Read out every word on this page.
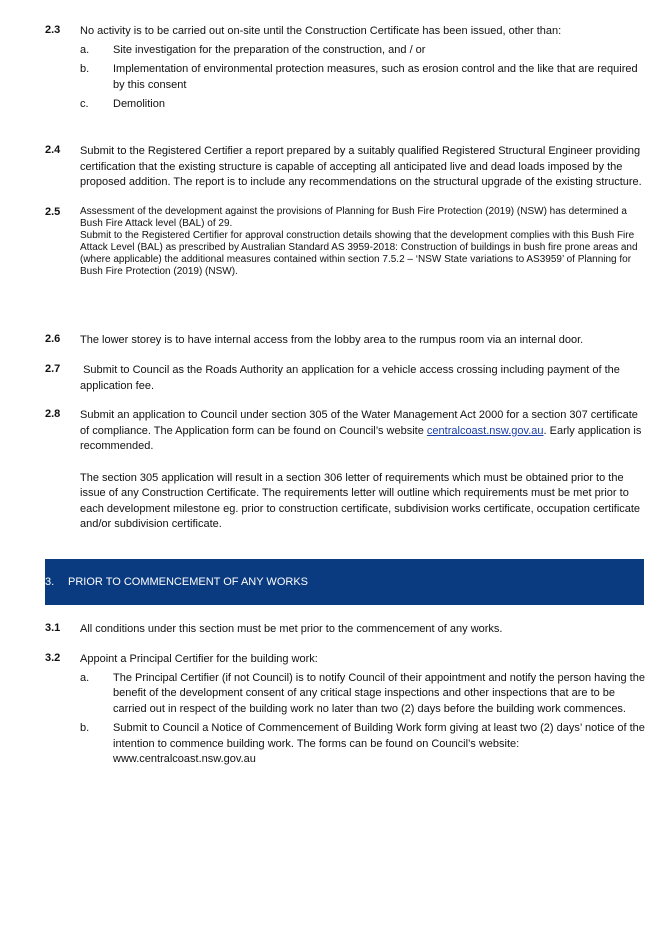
2.3 No activity is to be carried out on-site until the Construction Certificate has been issued, other than:
a. Site investigation for the preparation of the construction, and / or
b. Implementation of environmental protection measures, such as erosion control and the like that are required by this consent
c. Demolition
2.4 Submit to the Registered Certifier a report prepared by a suitably qualified Registered Structural Engineer providing certification that the existing structure is capable of accepting all anticipated live and dead loads imposed by the proposed addition. The report is to include any recommendations on the structural upgrade of the existing structure.
2.5 Assessment of the development against the provisions of Planning for Bush Fire Protection (2019) (NSW) has determined a Bush Fire Attack level (BAL) of 29.
Submit to the Registered Certifier for approval construction details showing that the development complies with this Bush Fire Attack Level (BAL) as prescribed by Australian Standard AS 3959-2018: Construction of buildings in bush fire prone areas and (where applicable) the additional measures contained within section 7.5.2 – ‘NSW State variations to AS3959’ of Planning for Bush Fire Protection (2019) (NSW).
2.6 The lower storey is to have internal access from the lobby area to the rumpus room via an internal door.
2.7 Submit to Council as the Roads Authority an application for a vehicle access crossing including payment of the application fee.
2.8 Submit an application to Council under section 305 of the Water Management Act 2000 for a section 307 certificate of compliance. The Application form can be found on Council’s website centralcoast.nsw.gov.au. Early application is recommended.
The section 305 application will result in a section 306 letter of requirements which must be obtained prior to the issue of any Construction Certificate. The requirements letter will outline which requirements must be met prior to each development milestone eg. prior to construction certificate, subdivision works certificate, occupation certificate and/or subdivision certificate.
3. PRIOR TO COMMENCEMENT OF ANY WORKS
3.1 All conditions under this section must be met prior to the commencement of any works.
3.2 Appoint a Principal Certifier for the building work:
a. The Principal Certifier (if not Council) is to notify Council of their appointment and notify the person having the benefit of the development consent of any critical stage inspections and other inspections that are to be carried out in respect of the building work no later than two (2) days before the building work commences.
b. Submit to Council a Notice of Commencement of Building Work form giving at least two (2) days’ notice of the intention to commence building work. The forms can be found on Council’s website: www.centralcoast.nsw.gov.au
